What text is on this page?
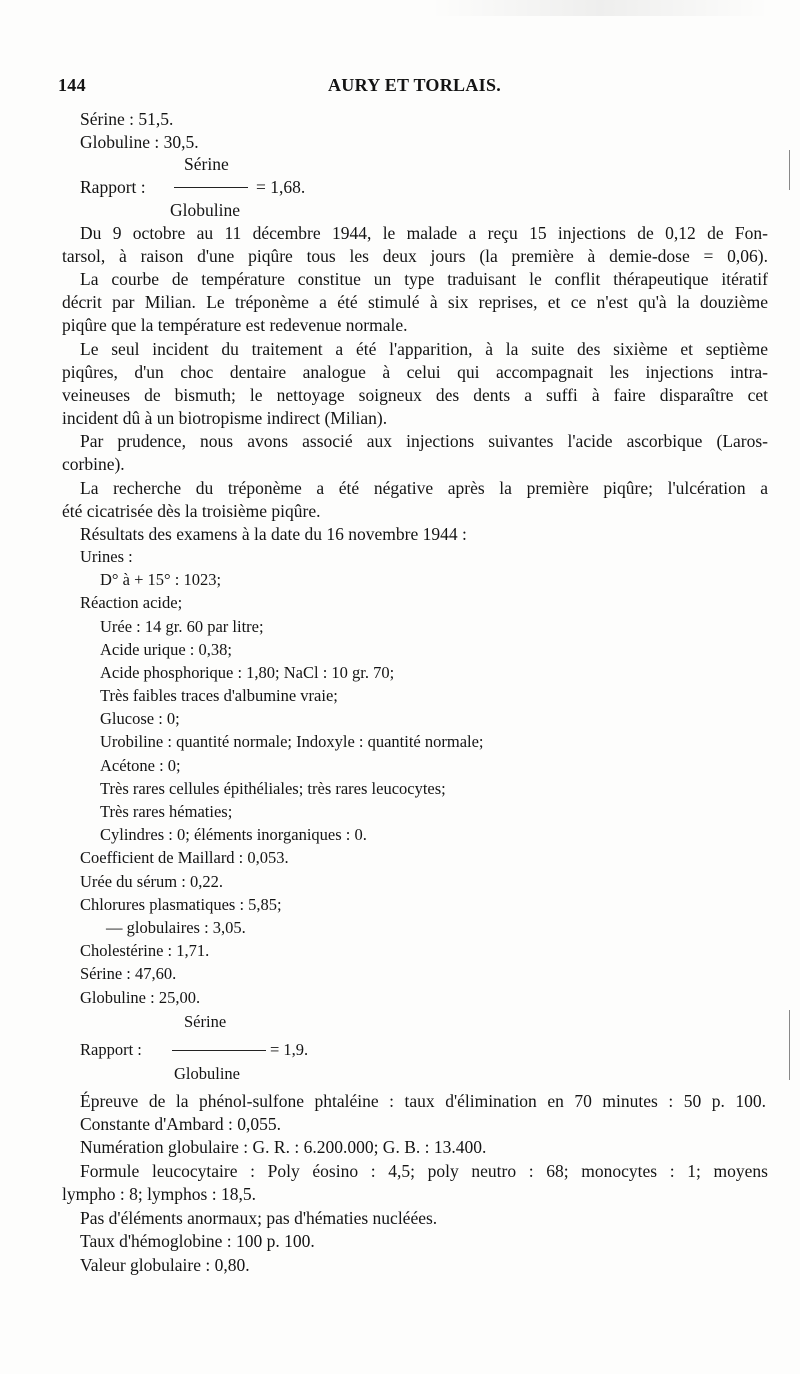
144	AURY ET TORLAIS.
Sérine : 51,5.
Globuline : 30,5.
Sérine
Rapport :	= 1,68.
Globuline
Du 9 octobre au 11 décembre 1944, le malade a reçu 15 injections de 0,12 de Fon-
tarsol, à raison d'une piqûre tous les deux jours (la première à demie-dose = 0,06).
La courbe de température constitue un type traduisant le conflit thérapeutique itératif
décrit par Milian. Le tréponème a été stimulé à six reprises, et ce n'est qu'à la douzième
piqûre que la température est redevenue normale.
Le seul incident du traitement a été l'apparition, à la suite des sixième et septième
piqûres, d'un choc dentaire analogue à celui qui accompagnait les injections intra-
veineuses de bismuth; le nettoyage soigneux des dents a suffi à faire disparaître cet
incident dû à un biotropisme indirect (Milian).
Par prudence, nous avons associé aux injections suivantes l'acide ascorbique (Laros-
corbine).
La recherche du tréponème a été négative après la première piqûre; l'ulcération a
été cicatrisée dès la troisième piqûre.
Résultats des examens à la date du 16 novembre 1944 :
Urines :
D° à + 15° : 1023;
Réaction acide;
Urée : 14 gr. 60 par litre;
Acide urique : 0,38;
Acide phosphorique : 1,80; NaCl : 10 gr. 70;
Très faibles traces d'albumine vraie;
Glucose : 0;
Urobiline : quantité normale; Indoxyle : quantité normale;
Acétone : 0;
Très rares cellules épithéliales; très rares leucocytes;
Très rares hématies;
Cylindres : 0; éléments inorganiques : 0.
Coefficient de Maillard : 0,053.
Urée du sérum : 0,22.
Chlorures plasmatiques : 5,85;
— globulaires : 3,05.
Cholestérine : 1,71.
Sérine : 47,60.
Globuline : 25,00.
Sérine
Rapport :	= 1,9.
Globuline
Épreuve de la phénol-sulfone phtaléine : taux d'élimination en 70 minutes : 50 p. 100.
Constante d'Ambard : 0,055.
Numération globulaire : G. R. : 6.200.000; G. B. : 13.400.
Formule leucocytaire : Poly éosino : 4,5; poly neutro : 68; monocytes : 1; moyens
lympho : 8; lymphos : 18,5.
Pas d'éléments anormaux; pas d'hématies nucléées.
Taux d'hémoglobine : 100 p. 100.
Valeur globulaire : 0,80.
